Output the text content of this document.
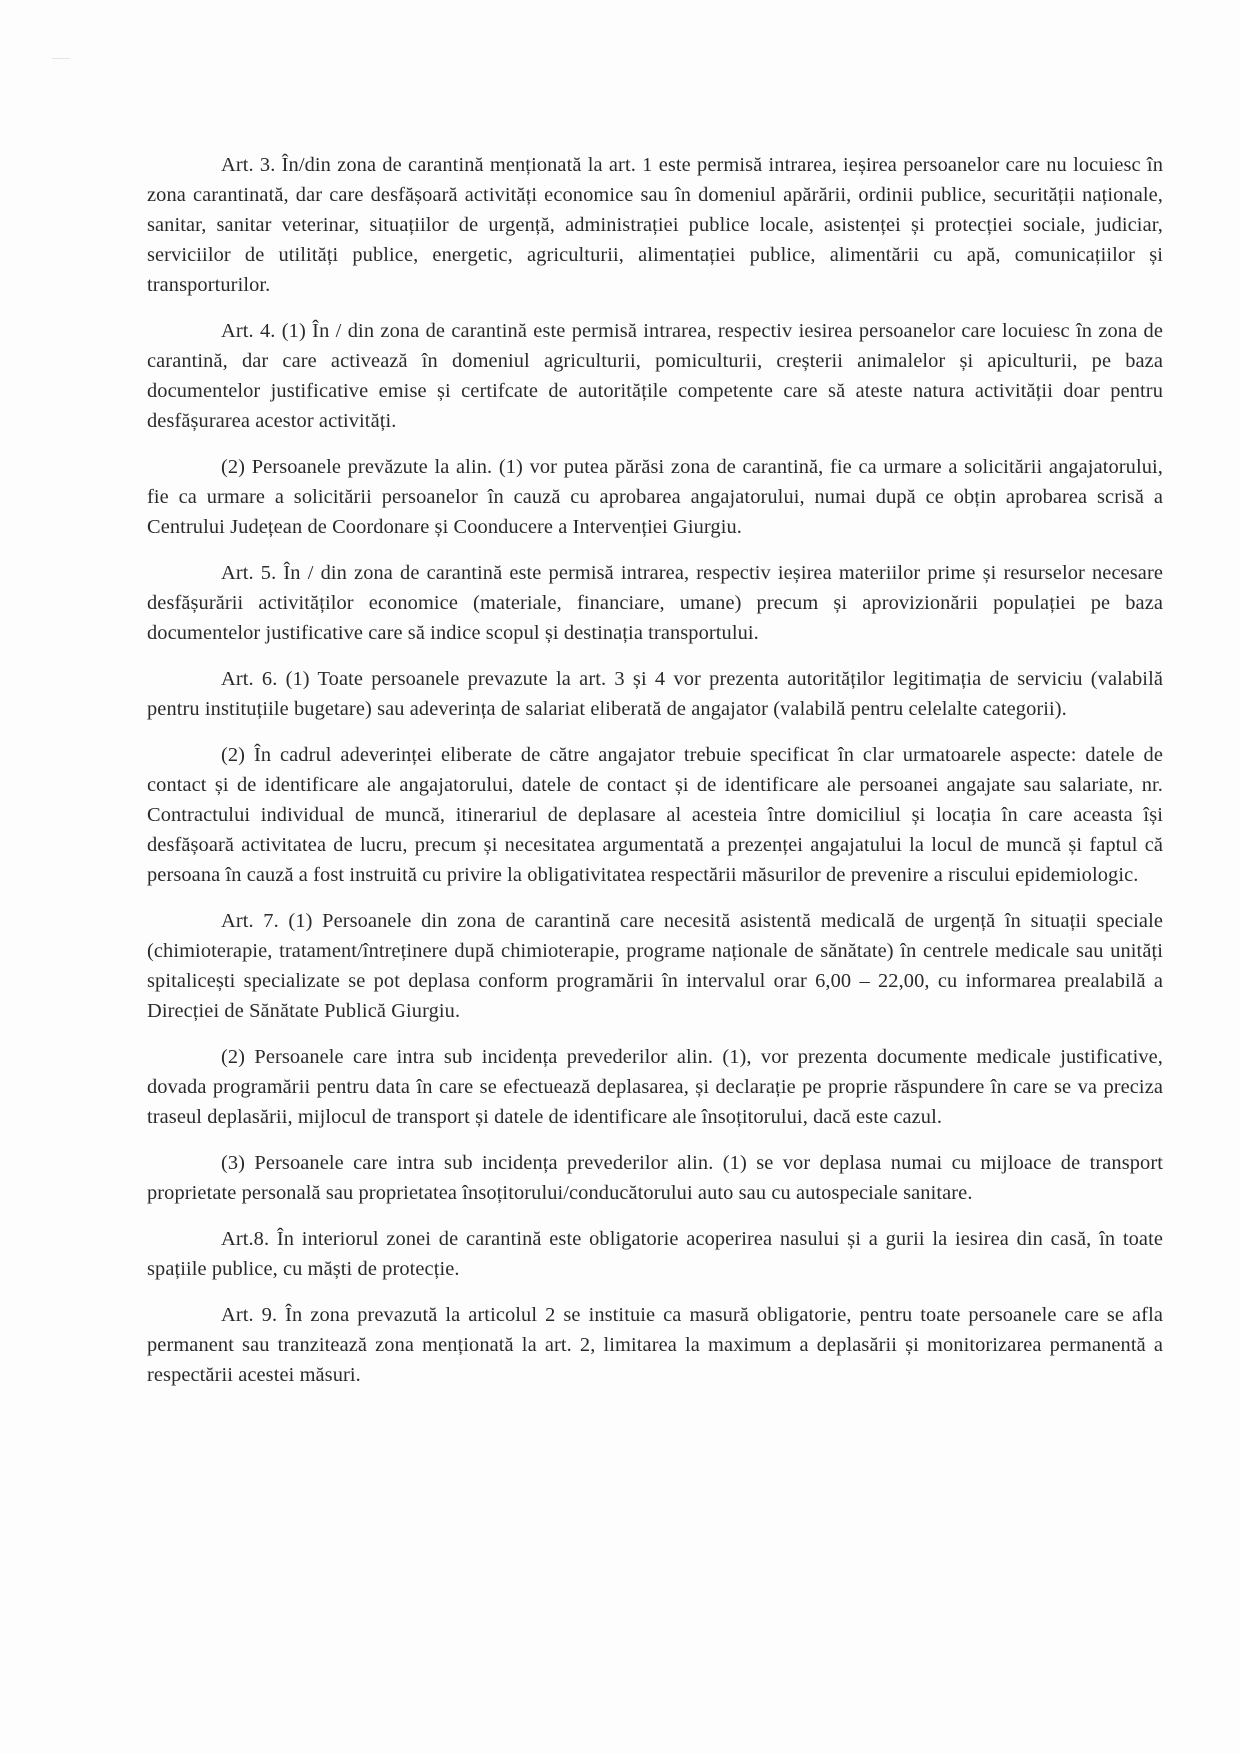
Art. 3. În/din zona de carantină menționată la art. 1 este permisă intrarea, ieșirea persoanelor care nu locuiesc în zona carantinată, dar care desfășoară activități economice sau în domeniul apărării, ordinii publice, securității naționale, sanitar, sanitar veterinar, situațiilor de urgență, administrației publice locale, asistenței și protecției sociale, judiciar, serviciilor de utilități publice, energetic, agriculturii, alimentației publice, alimentării cu apă, comunicațiilor și transporturilor.

Art. 4. (1) În / din zona de carantină este permisă intrarea, respectiv iesirea persoanelor care locuiesc în zona de carantină, dar care activează în domeniul agriculturii, pomiculturii, creșterii animalelor și apiculturii, pe baza documentelor justificative emise și certifcate de autoritățile competente care să ateste natura activității doar pentru desfășurarea acestor activități.

(2) Persoanele prevăzute la alin. (1) vor putea părăsi zona de carantină, fie ca urmare a solicitării angajatorului, fie ca urmare a solicitării persoanelor în cauză cu aprobarea angajatorului, numai după ce obțin aprobarea scrisă a Centrului Județean de Coordonare și Coonducere a Intervenției Giurgiu.

Art. 5. În / din zona de carantină este permisă intrarea, respectiv ieșirea materiilor prime și resurselor necesare desfășurării activităților economice (materiale, financiare, umane) precum și aprovizionării populației pe baza documentelor justificative care să indice scopul și destinația transportului.

Art. 6. (1) Toate persoanele prevazute la art. 3 și 4 vor prezenta autorităților legitimația de serviciu (valabilă pentru instituțiile bugetare) sau adeverința de salariat eliberată de angajator (valabilă pentru celelalte categorii).

(2) În cadrul adeverinței eliberate de către angajator trebuie specificat în clar urmatoarele aspecte: datele de contact și de identificare ale angajatorului, datele de contact și de identificare ale persoanei angajate sau salariate, nr. Contractului individual de muncă, itinerariul de deplasare al acesteia între domiciliul și locația în care aceasta își desfășoară activitatea de lucru, precum și necesitatea argumentată a prezenței angajatului la locul de muncă și faptul că persoana în cauză a fost instruită cu privire la obligativitatea respectării măsurilor de prevenire a riscului epidemiologic.

Art. 7. (1) Persoanele din zona de carantină care necesită asistentă medicală de urgență în situații speciale (chimioterapie, tratament/întreținere după chimioterapie, programe naționale de sănătate) în centrele medicale sau unități spitalicești specializate se pot deplasa conform programării în intervalul orar 6,00 – 22,00, cu informarea prealabilă a Direcției de Sănătate Publică Giurgiu.

(2) Persoanele care intra sub incidența prevederilor alin. (1), vor prezenta documente medicale justificative, dovada programării pentru data în care se efectuează deplasarea, și declarație pe proprie răspundere în care se va preciza traseul deplasării, mijlocul de transport și datele de identificare ale însoțitorului, dacă este cazul.

(3) Persoanele care intra sub incidența prevederilor alin. (1) se vor deplasa numai cu mijloace de transport proprietate personală sau proprietatea însoțitorului/conducătorului auto sau cu autospeciale sanitare.

Art.8. În interiorul zonei de carantină este obligatorie acoperirea nasului și a gurii la iesirea din casă, în toate spațiile publice, cu măști de protecție.

Art. 9. În zona prevazută la articolul 2 se instituie ca masură obligatorie, pentru toate persoanele care se afla permanent sau tranzitează zona menționată la art. 2, limitarea la maximum a deplasării și monitorizarea permanentă a respectării acestei măsuri.
